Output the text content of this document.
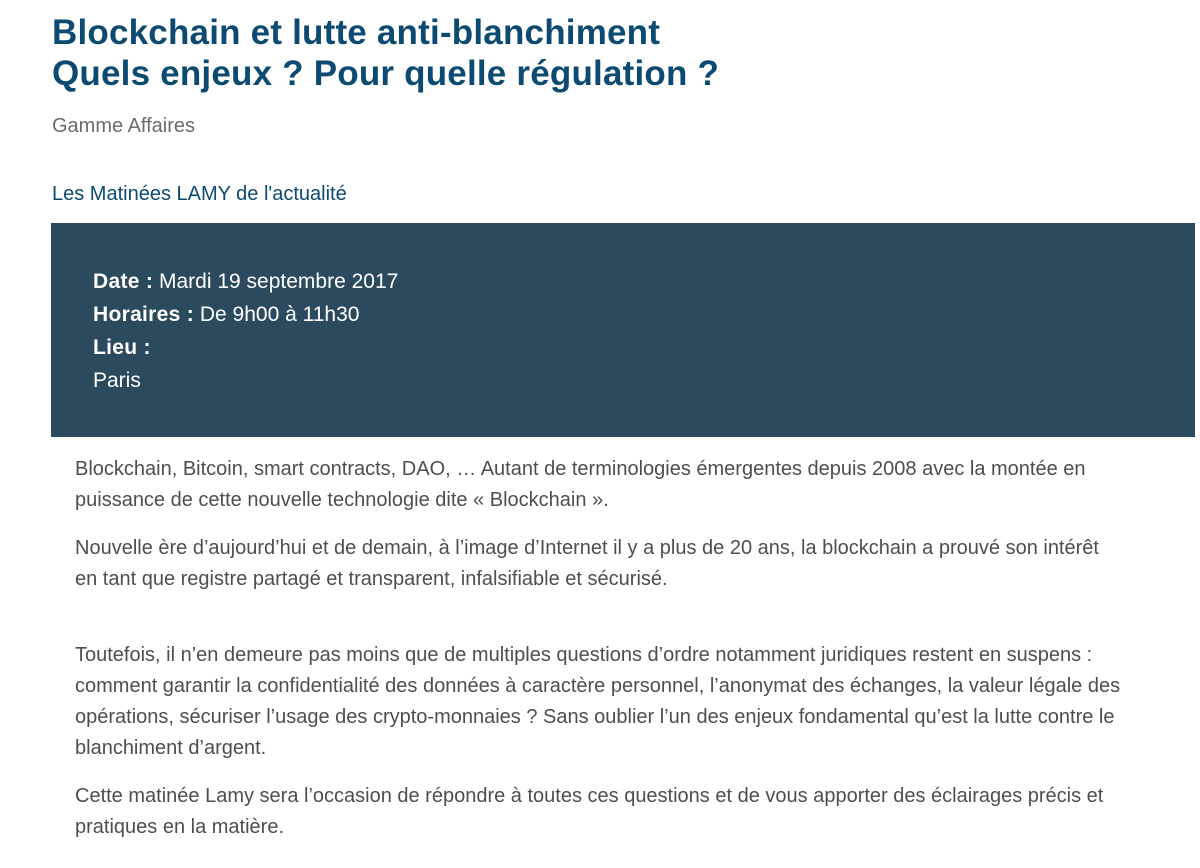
Blockchain et lutte anti-blanchiment
Quels enjeux ? Pour quelle régulation ?
Gamme Affaires
Les Matinées LAMY de l'actualité
Date : Mardi 19 septembre 2017
Horaires : De 9h00 à 11h30
Lieu :
Paris

Blockchain, Bitcoin, smart contracts, DAO, … Autant de terminologies émergentes depuis 2008 avec la montée en
puissance de cette nouvelle technologie dite « Blockchain ».

Nouvelle ère d’aujourd’hui et de demain, à l’image d’Internet il y a plus de 20 ans, la blockchain a prouvé son intérêt
en tant que registre partagé et transparent, infalsifiable et sécurisé.

Toutefois, il n’en demeure pas moins que de multiples questions d’ordre notamment juridiques restent en suspens :
comment garantir la confidentialité des données à caractère personnel, l’anonymat des échanges, la valeur légale des
opérations, sécuriser l’usage des crypto-monnaies ? Sans oublier l’un des enjeux fondamental qu’est la lutte contre le
blanchiment d’argent.

Cette matinée Lamy sera l’occasion de répondre à toutes ces questions et de vous apporter des éclairages précis et
pratiques en la matière.
